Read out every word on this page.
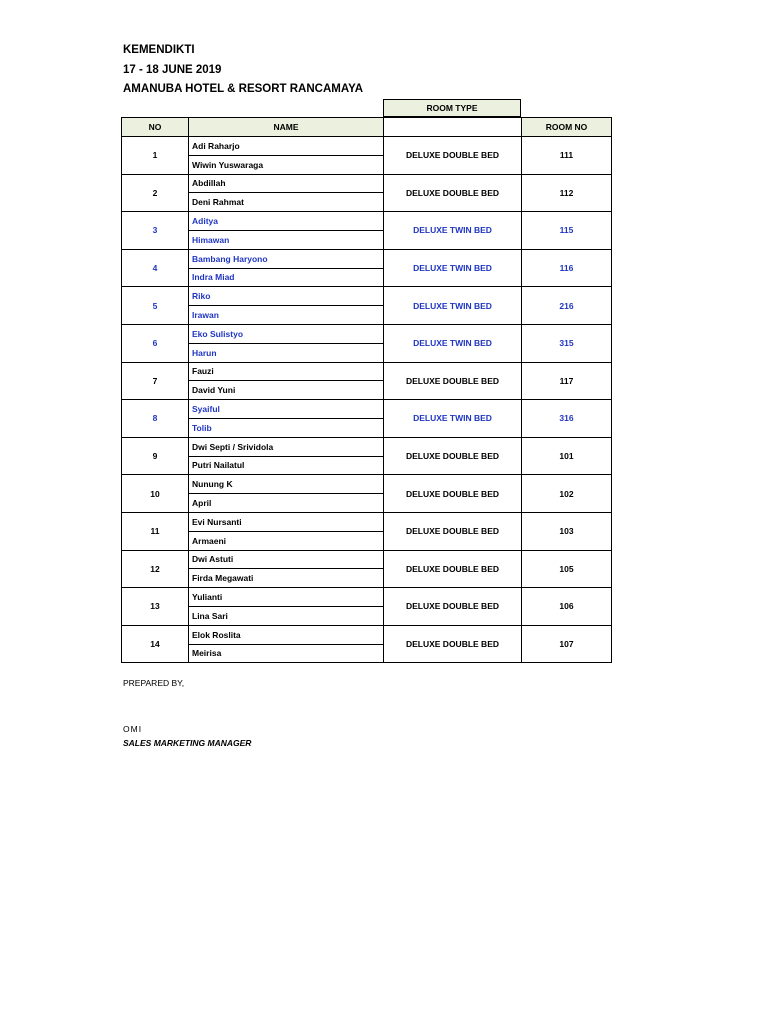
KEMENDIKTI
17 - 18 JUNE 2019
AMANUBA HOTEL & RESORT RANCAMAYA
ROOM TYPE
NO	NAME		ROOM NO
1	Adi Raharjo	DELUXE DOUBLE BED	111
	Wiwin Yuswaraga		
2	Abdillah	DELUXE DOUBLE BED	112
	Deni Rahmat		
3	Aditya	DELUXE TWIN BED	115
	Himawan		
4	Bambang Haryono	DELUXE TWIN BED	116
	Indra Miad		
5	Riko	DELUXE TWIN BED	216
	Irawan		
6	Eko Sulistyo	DELUXE TWIN BED	315
	Harun		
7	Fauzi	DELUXE DOUBLE BED	117
	David Yuni		
8	Syaiful	DELUXE TWIN BED	316
	Tolib		
9	Dwi Septi / Srividola	DELUXE DOUBLE BED	101
	Putri Nailatul		
10	Nunung K	DELUXE DOUBLE BED	102
	April		
11	Evi Nursanti	DELUXE DOUBLE BED	103
	Armaeni		
12	Dwi Astuti	DELUXE DOUBLE BED	105
	Firda Megawati		
13	Yulianti	DELUXE DOUBLE BED	106
	Lina Sari		
14	Elok Roslita	DELUXE DOUBLE BED	107
	Meirisa		
PREPARED BY,
OMI
SALES MARKETING MANAGER
